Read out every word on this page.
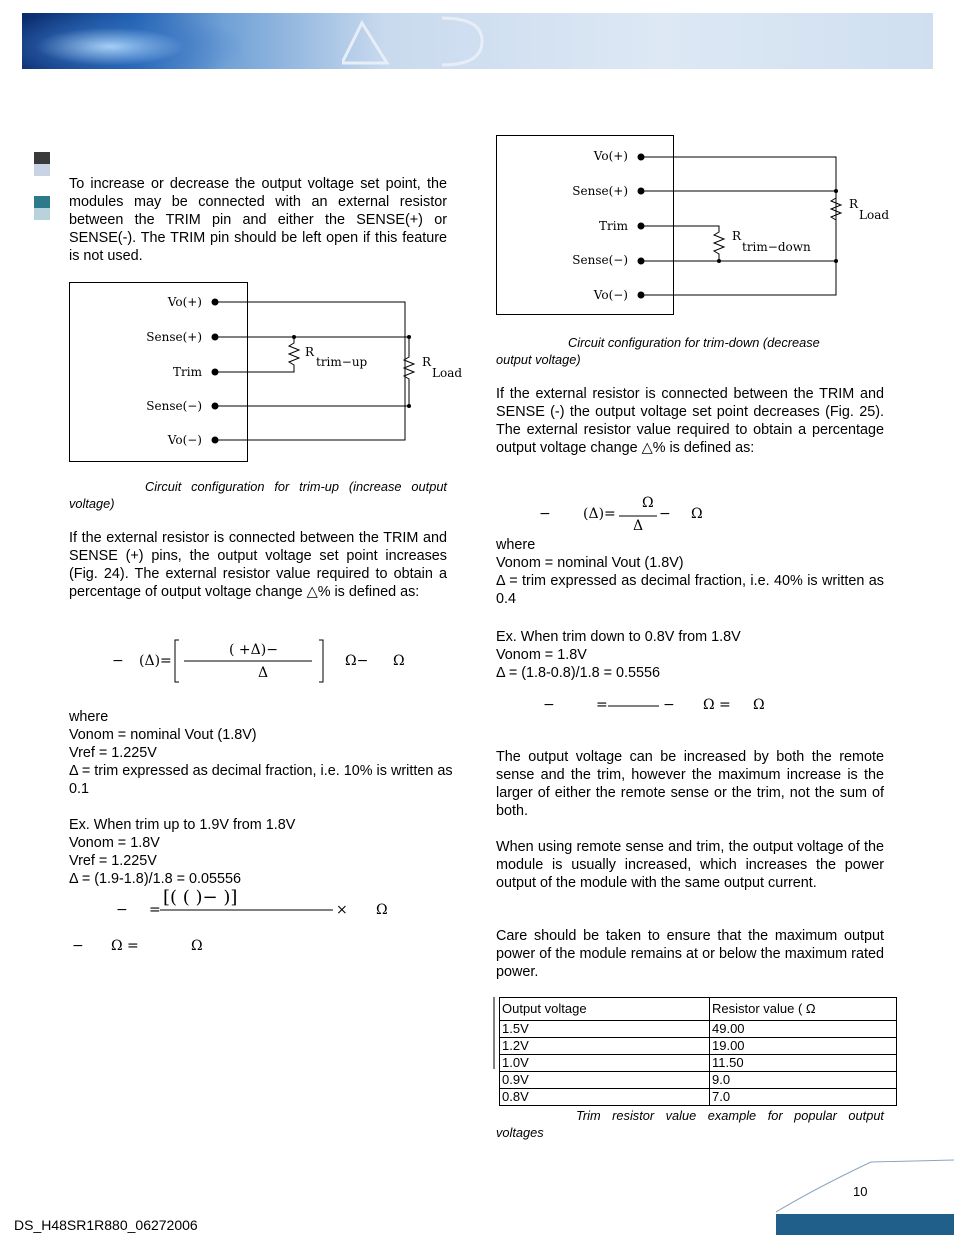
To increase or decrease the output voltage set point, the modules may be connected with an external resistor between the TRIM pin and either the SENSE(+) or SENSE(-). The TRIM pin should be left open if this feature is not used.
Vo(+)
Sense(+)
Trim
Sense(−)
Vo(−)
R
trim−up	R
Load
Circuit configuration for trim-up (increase output voltage)
If the external resistor is connected between the TRIM and SENSE (+) pins, the output voltage set point increases (Fig. 24). The external resistor value required to obtain a percentage of output voltage change △% is defined as:
− (Δ)=
( +Δ)−
Δ
Ω− Ω
where
Vonom = nominal Vout (1.8V)
Vref = 1.225V
Δ = trim expressed as decimal fraction, i.e. 10% is written as 0.1
Ex. When trim up to 1.9V from 1.8V
Vonom = 1.8V
Vref = 1.225V
Δ = (1.9-1.8)/1.8 = 0.05556
− =
[( ( )− )]
× Ω
− Ω =	Ω
Vo(+)
Sense(+)
Trim
Sense(−)
Vo(−)
R
trim−down
R
Load
Circuit configuration for trim-down (decrease output voltage)
If the external resistor is connected between the TRIM and SENSE (-) the output voltage set point decreases (Fig. 25). The external resistor value required to obtain a percentage output voltage change △% is defined as:
− (Δ)=
Ω
Δ
− Ω
where
Vonom = nominal Vout (1.8V)
Δ = trim expressed as decimal fraction, i.e. 40% is written as 0.4
Ex. When trim down to 0.8V from 1.8V
Vonom = 1.8V
Δ = (1.8-0.8)/1.8 = 0.5556
−	=	− Ω = Ω
The output voltage can be increased by both the remote sense and the trim, however the maximum increase is the larger of either the remote sense or the trim, not the sum of both.
When using remote sense and trim, the output voltage of the module is usually increased, which increases the power output of the module with the same output current.
Care should be taken to ensure that the maximum output power of the module remains at or below the maximum rated power.
Output voltage	Resistor value ( Ω
1.5V	49.00
1.2V	19.00
1.0V	11.50
0.9V	9.0
0.8V	7.0
Trim resistor value example for popular output voltages
10
DS_H48SR1R880_06272006
